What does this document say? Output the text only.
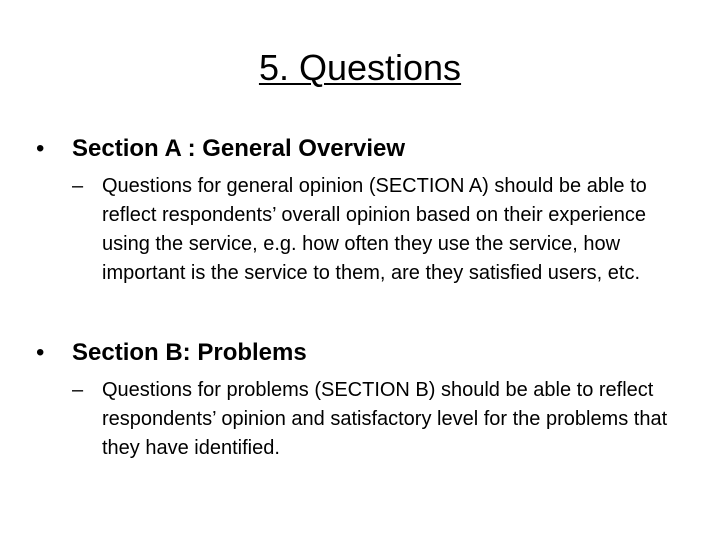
5. Questions
•	Section A : General Overview
– Questions for general opinion (SECTION A) should be able to reflect respondents’ overall opinion based on their experience using the service, e.g. how often they use the service, how important is the service to them, are they satisfied users, etc.
•	Section B: Problems
– Questions for problems (SECTION B) should be able to reflect respondents’ opinion and satisfactory level for the problems that they have identified.
